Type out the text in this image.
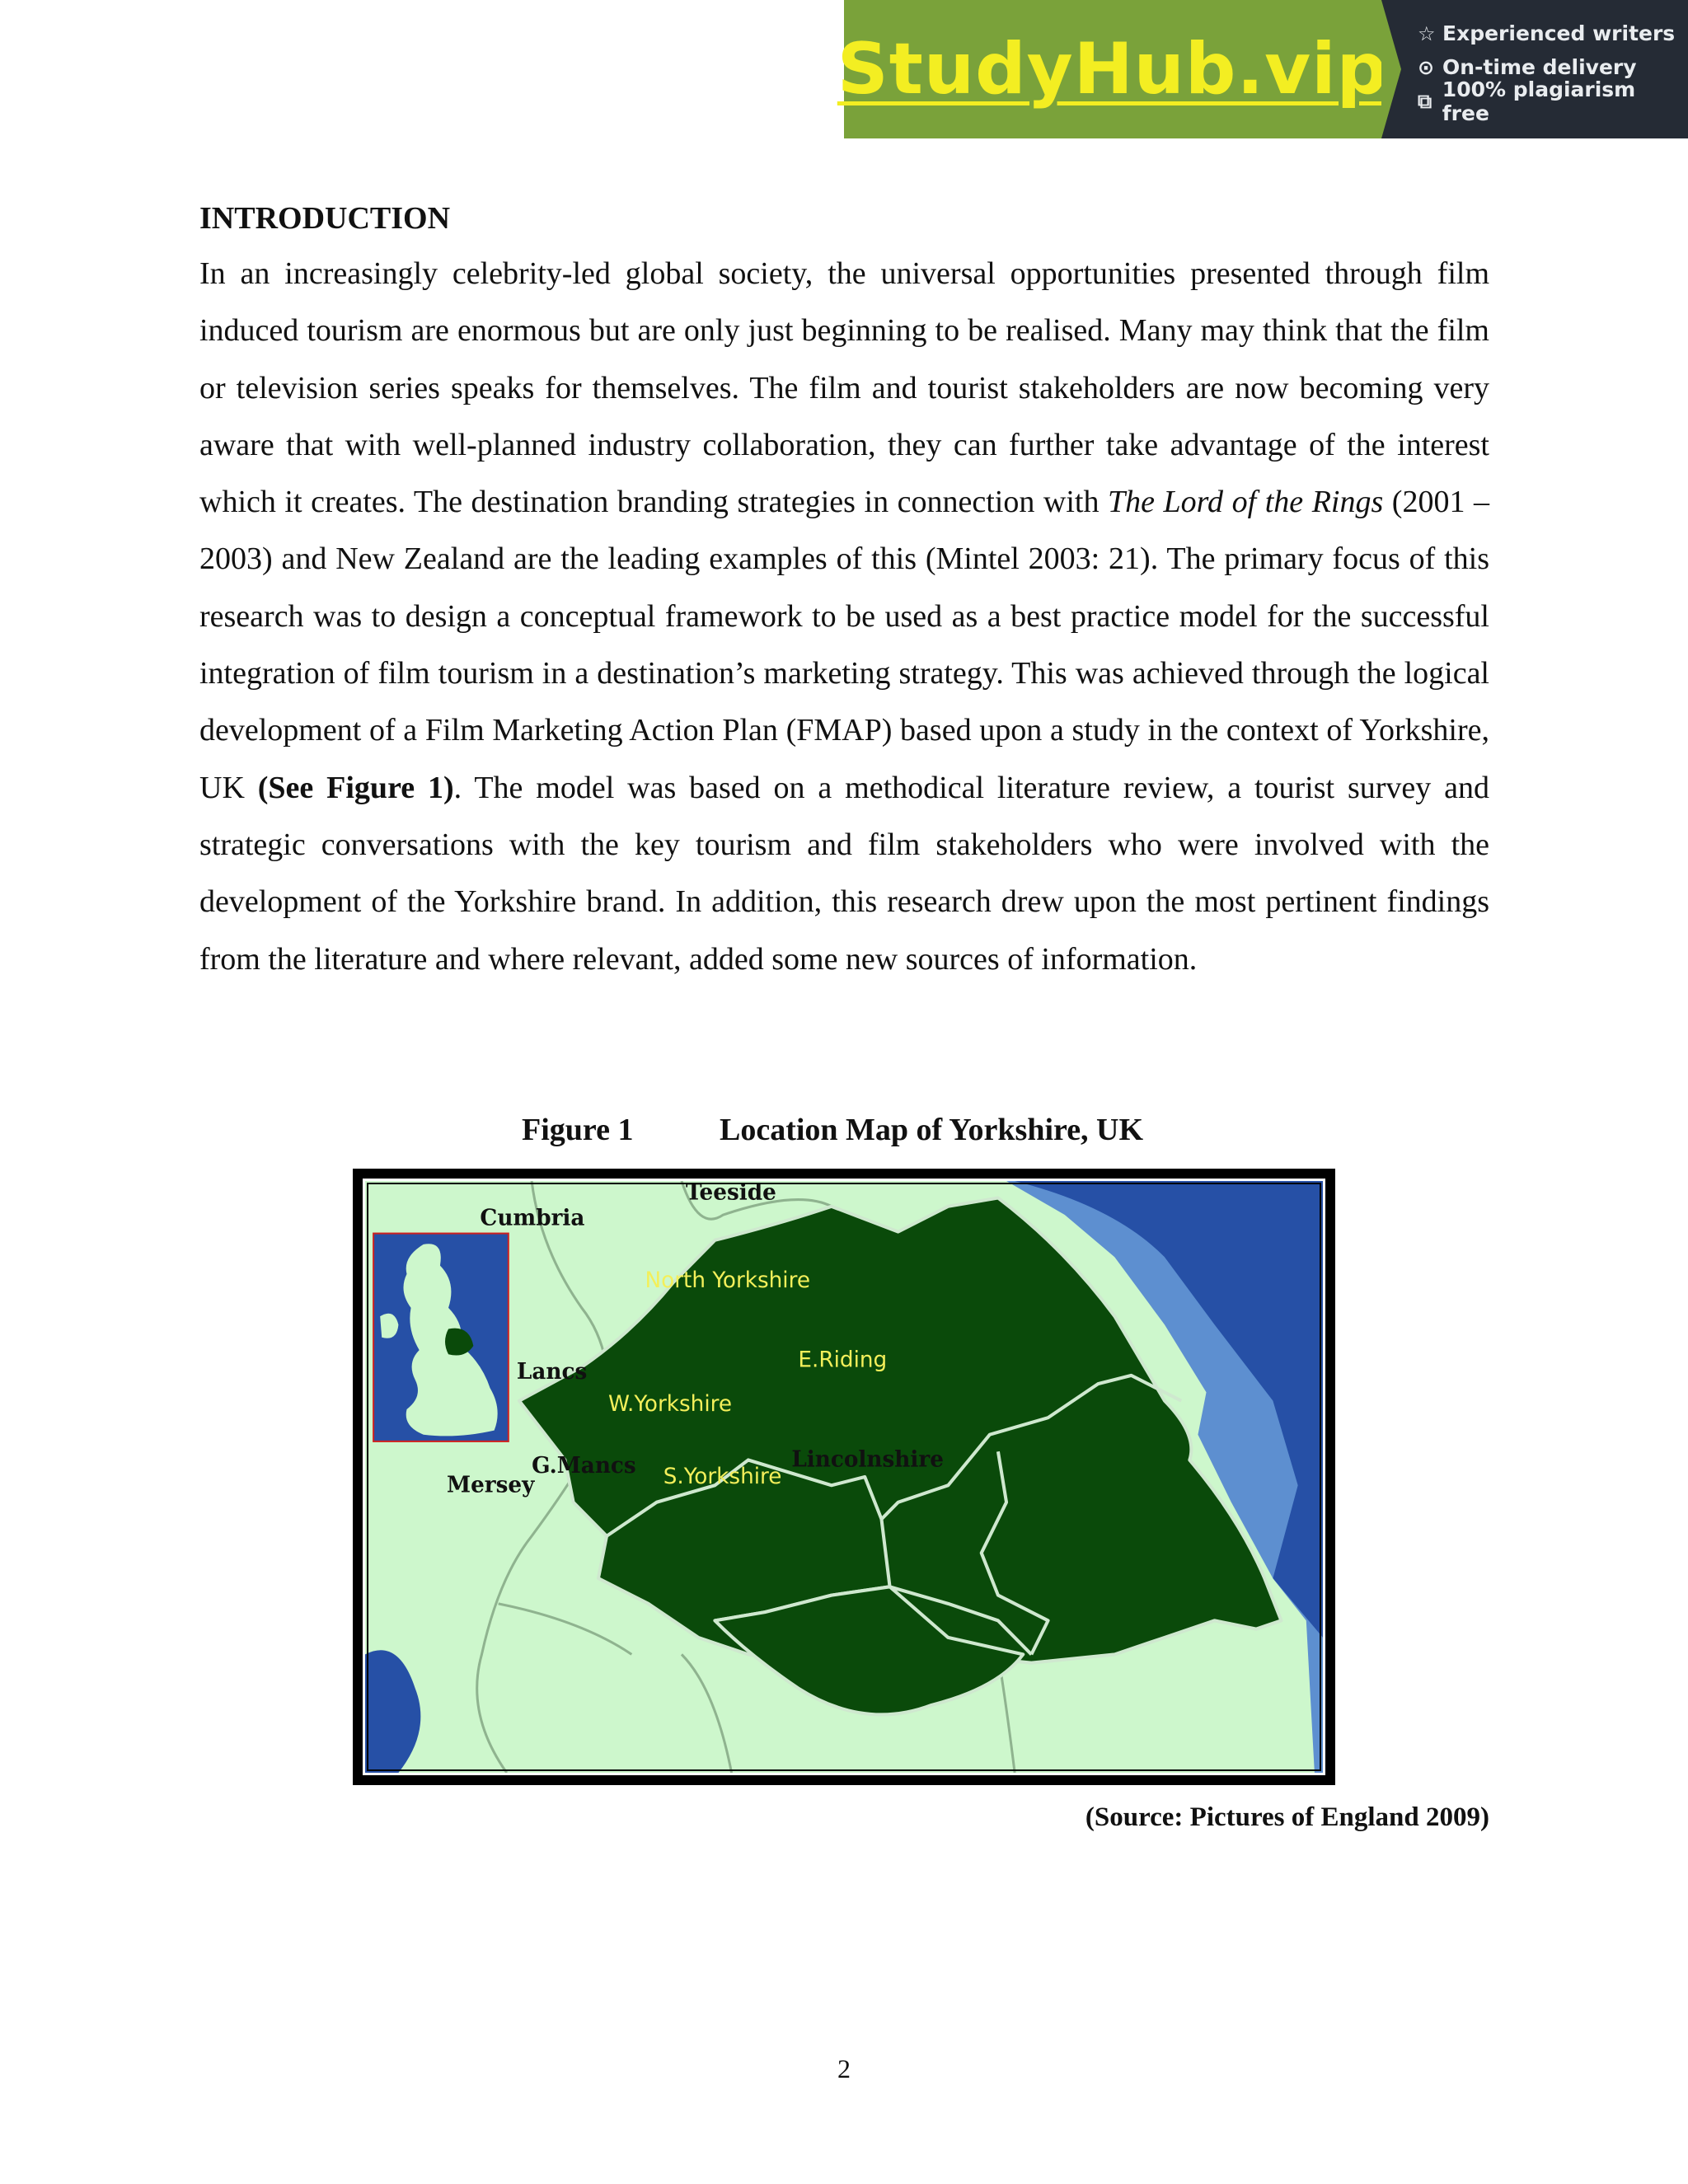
StudyHub.vip ☆ Experienced writers
⊙ On-time delivery
⧉ 100% plagiarism free
INTRODUCTION

In an increasingly celebrity-led global society, the universal opportunities presented through film induced tourism are enormous but are only just beginning to be realised. Many may think that the film or television series speaks for themselves. The film and tourist stakeholders are now becoming very aware that with well-planned industry collaboration, they can further take advantage of the interest which it creates. The destination branding strategies in connection with The Lord of the Rings (2001 – 2003) and New Zealand are the leading examples of this (Mintel 2003: 21). The primary focus of this research was to design a conceptual framework to be used as a best practice model for the successful integration of film tourism in a destination’s marketing strategy. This was achieved through the logical development of a Film Marketing Action Plan (FMAP) based upon a study in the context of Yorkshire, UK (See Figure 1). The model was based on a methodical literature review, a tourist survey and strategic conversations with the key tourism and film stakeholders who were involved with the development of the Yorkshire brand. In addition, this research drew upon the most pertinent findings from the literature and where relevant, added some new sources of information.

Figure 1	Location Map of Yorkshire, UK
Teeside
Cumbria
North Yorkshire
Lancs	E.Riding
W.Yorkshire
S.Yorkshire
G.Mancs
Mersey
Lincolnshire
(Source: Pictures of England 2009)
2
